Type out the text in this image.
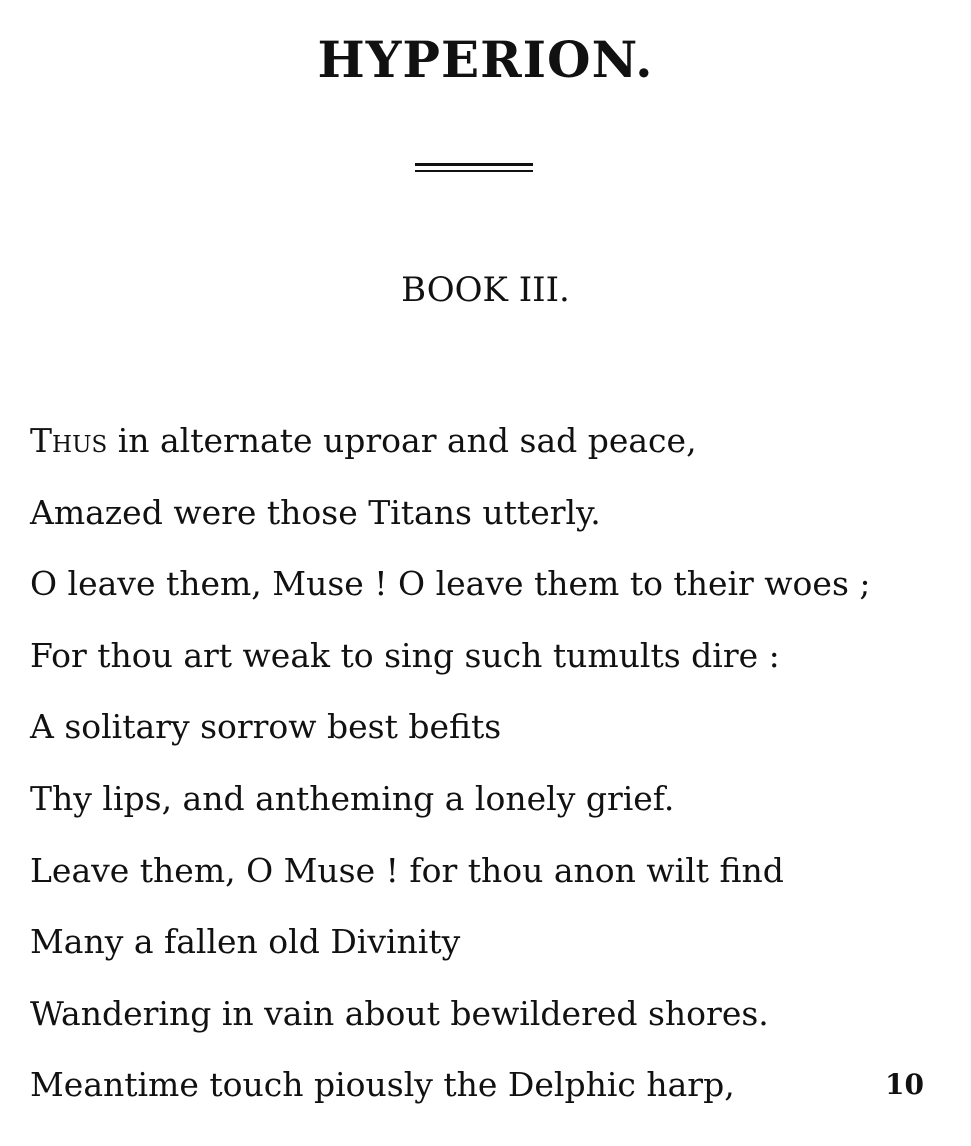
HYPERION.
BOOK III.
Thus in alternate uproar and sad peace,
Amazed were those Titans utterly.
O leave them, Muse ! O leave them to their woes ;
For thou art weak to sing such tumults dire :
A solitary sorrow best befits
Thy lips, and antheming a lonely grief.
Leave them, O Muse ! for thou anon wilt find
Many a fallen old Divinity
Wandering in vain about bewildered shores.
Meantime touch piously the Delphic harp,	10
